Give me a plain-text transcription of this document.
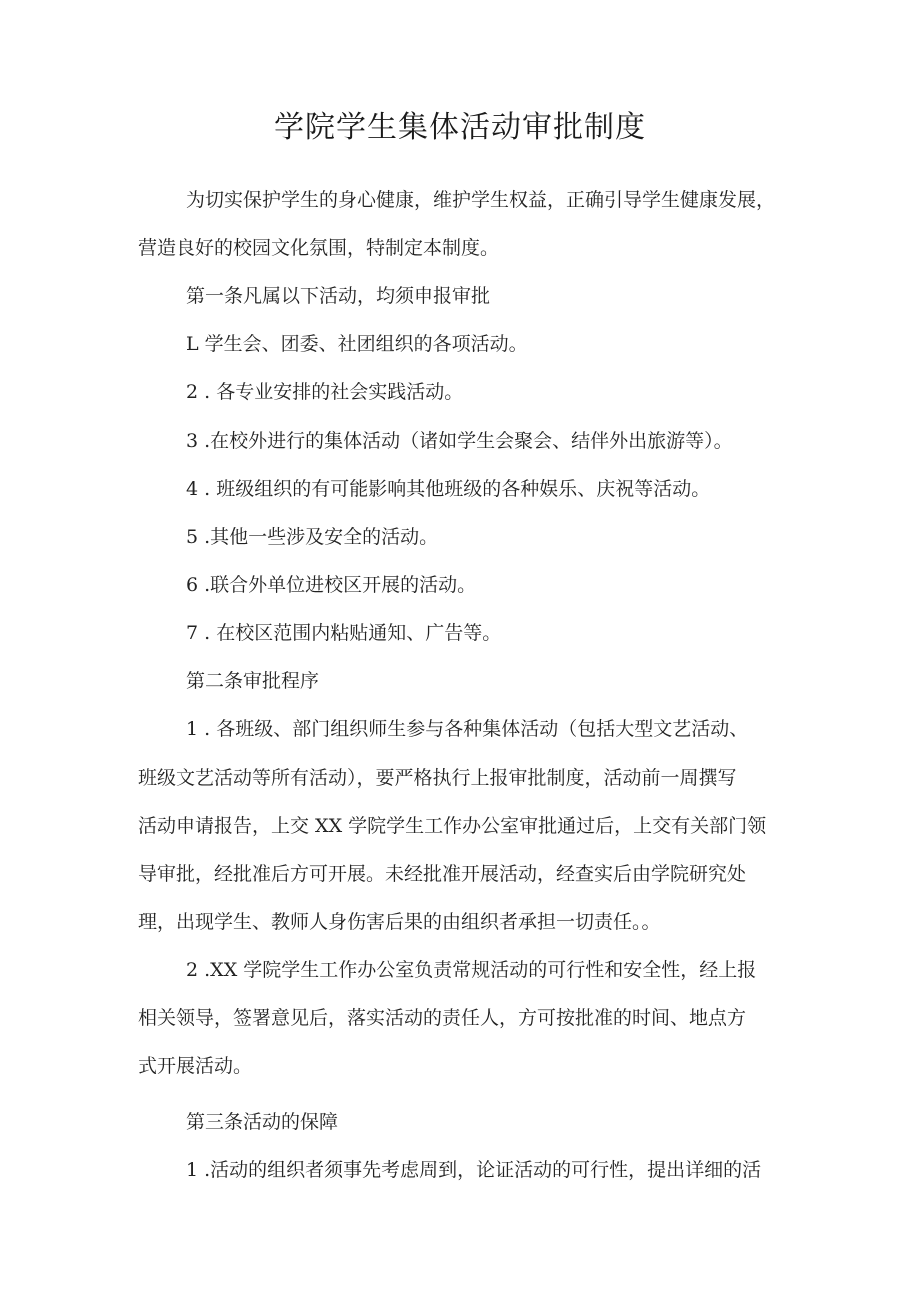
学院学生集体活动审批制度

为切实保护学生的身心健康，维护学生权益，正确引导学生健康发展，

营造良好的校园文化氛围，特制定本制度。

第一条凡属以下活动，均须申报审批

L 学生会、团委、社团组织的各项活动。

2 . 各专业安排的社会实践活动。

3 .在校外进行的集体活动（诸如学生会聚会、结伴外出旅游等）。

4 . 班级组织的有可能影响其他班级的各种娱乐、庆祝等活动。

5 .其他一些涉及安全的活动。

6 .联合外单位进校区开展的活动。

7 . 在校区范围内粘贴通知、广告等。

第二条审批程序

1 . 各班级、部门组织师生参与各种集体活动（包括大型文艺活动、

班级文艺活动等所有活动），要严格执行上报审批制度，活动前一周撰写

活动申请报告，上交 XX 学院学生工作办公室审批通过后，上交有关部门领

导审批，经批准后方可开展。未经批准开展活动，经查实后由学院研究处

理，出现学生、教师人身伤害后果的由组织者承担一切责任。。

2 .XX 学院学生工作办公室负责常规活动的可行性和安全性，经上报

相关领导，签署意见后，落实活动的责任人，方可按批准的时间、地点方

式开展活动。

第三条活动的保障

1 .活动的组织者须事先考虑周到，论证活动的可行性，提出详细的活
